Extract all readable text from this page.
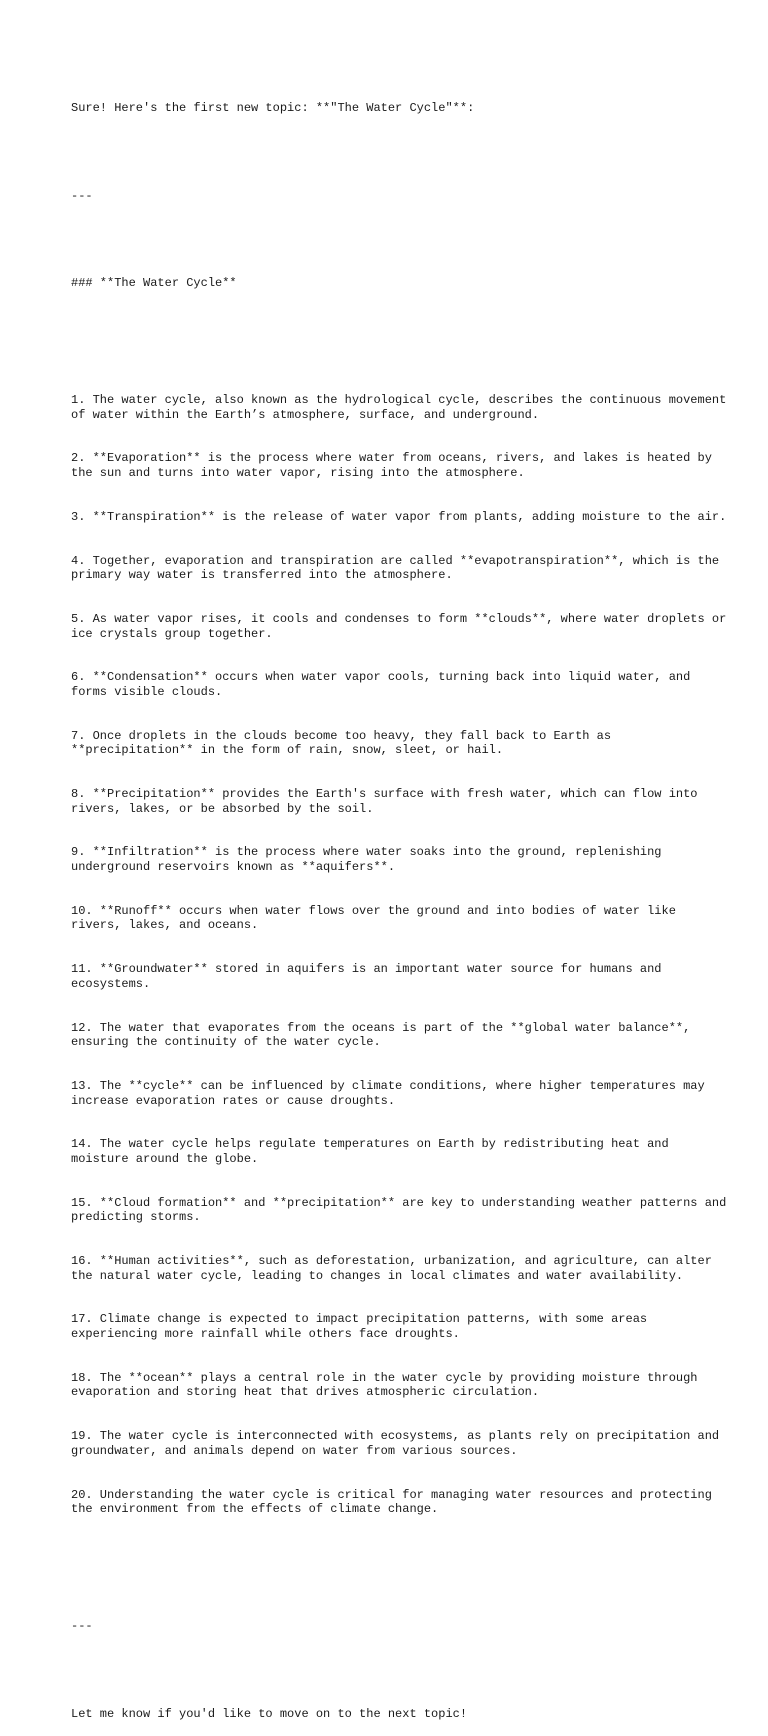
Sure! Here's the first new topic: **"The Water Cycle"**:

---

### **The Water Cycle**

1. The water cycle, also known as the hydrological cycle, describes the continuous movement of water within the Earth’s atmosphere, surface, and underground.

2. **Evaporation** is the process where water from oceans, rivers, and lakes is heated by the sun and turns into water vapor, rising into the atmosphere.

3. **Transpiration** is the release of water vapor from plants, adding moisture to the air.

4. Together, evaporation and transpiration are called **evapotranspiration**, which is the primary way water is transferred into the atmosphere.

5. As water vapor rises, it cools and condenses to form **clouds**, where water droplets or ice crystals group together.

6. **Condensation** occurs when water vapor cools, turning back into liquid water, and forms visible clouds.

7. Once droplets in the clouds become too heavy, they fall back to Earth as **precipitation** in the form of rain, snow, sleet, or hail.

8. **Precipitation** provides the Earth's surface with fresh water, which can flow into rivers, lakes, or be absorbed by the soil.

9. **Infiltration** is the process where water soaks into the ground, replenishing underground reservoirs known as **aquifers**.

10. **Runoff** occurs when water flows over the ground and into bodies of water like rivers, lakes, and oceans.

11. **Groundwater** stored in aquifers is an important water source for humans and ecosystems.

12. The water that evaporates from the oceans is part of the **global water balance**, ensuring the continuity of the water cycle.

13. The **cycle** can be influenced by climate conditions, where higher temperatures may increase evaporation rates or cause droughts.

14. The water cycle helps regulate temperatures on Earth by redistributing heat and moisture around the globe.

15. **Cloud formation** and **precipitation** are key to understanding weather patterns and predicting storms.

16. **Human activities**, such as deforestation, urbanization, and agriculture, can alter the natural water cycle, leading to changes in local climates and water availability.

17. Climate change is expected to impact precipitation patterns, with some areas experiencing more rainfall while others face droughts.

18. The **ocean** plays a central role in the water cycle by providing moisture through evaporation and storing heat that drives atmospheric circulation.

19. The water cycle is interconnected with ecosystems, as plants rely on precipitation and groundwater, and animals depend on water from various sources.

20. Understanding the water cycle is critical for managing water resources and protecting the environment from the effects of climate change.

---

Let me know if you'd like to move on to the next topic!
